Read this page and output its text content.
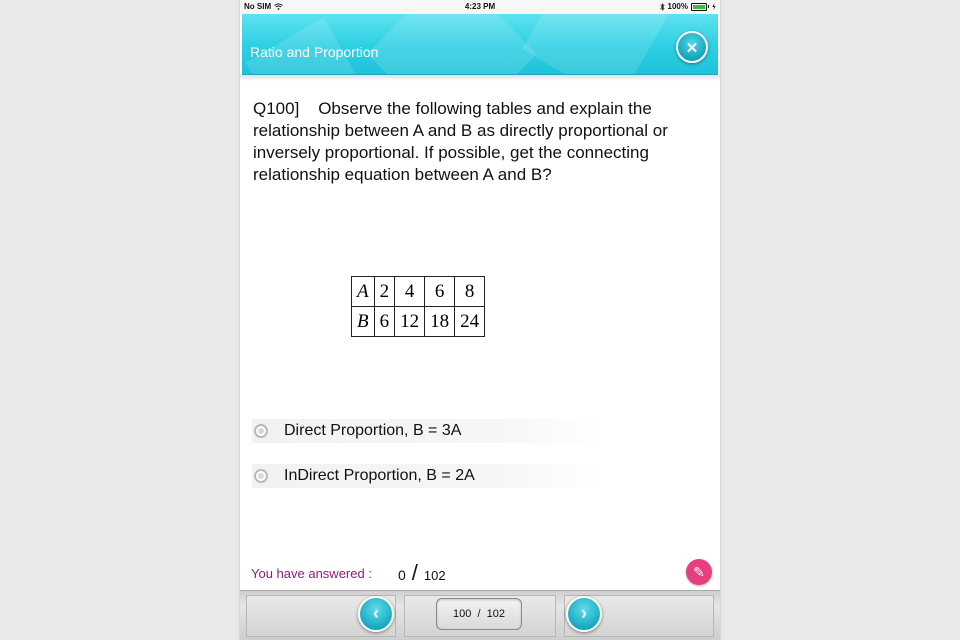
No SIM	4:23 PM	100%
Ratio and Proportion	✕
Q100]    Observe the following tables and explain the relationship between A and B as directly proportional or inversely proportional. If possible, get the connecting relationship equation between A and B?
A	2	4	6	8
B	6	12	18	24
Direct Proportion, B = 3A
InDirect Proportion, B = 2A
You have answered : 0 / 102	✎
‹	100  /  102	›
